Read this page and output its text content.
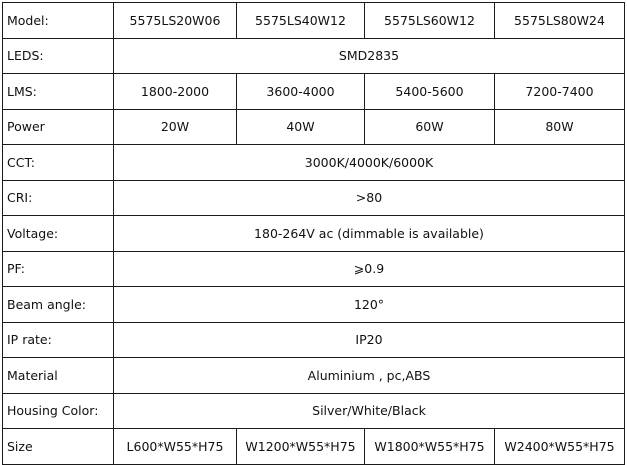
Model:	5575LS20W06	5575LS40W12	5575LS60W12	5575LS80W24
LEDS:	SMD2835			
LMS:	1800-2000	3600-4000	5400-5600	7200-7400
Power	20W	40W	60W	80W
CCT:	3000K/4000K/6000K			
CRI:	>80			
Voltage:	180-264V ac (dimmable is available)			
PF:	⩾0.9			
Beam angle:	120°			
IP rate:	IP20			
Material	Aluminium , pc,ABS			
Housing Color:	Silver/White/Black			
Size	L600*W55*H75	W1200*W55*H75	W1800*W55*H75	W2400*W55*H75
